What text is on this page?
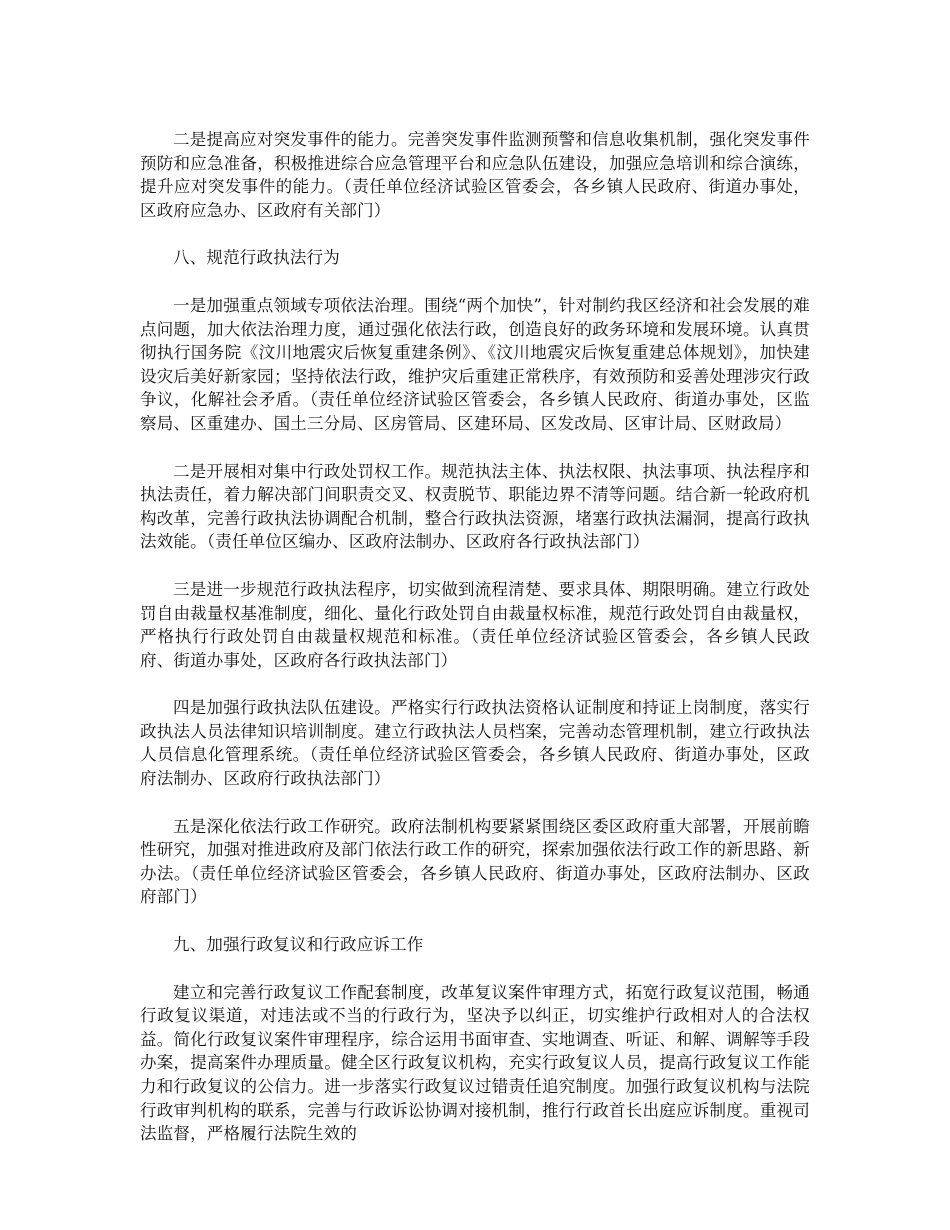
二是提高应对突发事件的能力。完善突发事件监测预警和信息收集机制，强化突发事件预防和应急准备，积极推进综合应急管理平台和应急队伍建设，加强应急培训和综合演练，提升应对突发事件的能力。（责任单位经济试验区管委会，各乡镇人民政府、街道办事处，区政府应急办、区政府有关部门）

八、规范行政执法行为

一是加强重点领域专项依法治理。围绕“两个加快”，针对制约我区经济和社会发展的难点问题，加大依法治理力度，通过强化依法行政，创造良好的政务环境和发展环境。认真贯彻执行国务院《汶川地震灾后恢复重建条例》、《汶川地震灾后恢复重建总体规划》，加快建设灾后美好新家园；坚持依法行政，维护灾后重建正常秩序，有效预防和妥善处理涉灾行政争议，化解社会矛盾。（责任单位经济试验区管委会，各乡镇人民政府、街道办事处，区监察局、区重建办、国土三分局、区房管局、区建环局、区发改局、区审计局、区财政局）

二是开展相对集中行政处罚权工作。规范执法主体、执法权限、执法事项、执法程序和执法责任，着力解决部门间职责交叉、权责脱节、职能边界不清等问题。结合新一轮政府机构改革，完善行政执法协调配合机制，整合行政执法资源，堵塞行政执法漏洞，提高行政执法效能。（责任单位区编办、区政府法制办、区政府各行政执法部门）

三是进一步规范行政执法程序，切实做到流程清楚、要求具体、期限明确。建立行政处罚自由裁量权基准制度，细化、量化行政处罚自由裁量权标准，规范行政处罚自由裁量权，严格执行行政处罚自由裁量权规范和标准。（责任单位经济试验区管委会，各乡镇人民政府、街道办事处，区政府各行政执法部门）

四是加强行政执法队伍建设。严格实行行政执法资格认证制度和持证上岗制度，落实行政执法人员法律知识培训制度。建立行政执法人员档案，完善动态管理机制，建立行政执法人员信息化管理系统。（责任单位经济试验区管委会，各乡镇人民政府、街道办事处，区政府法制办、区政府行政执法部门）

五是深化依法行政工作研究。政府法制机构要紧紧围绕区委区政府重大部署，开展前瞻性研究，加强对推进政府及部门依法行政工作的研究，探索加强依法行政工作的新思路、新办法。（责任单位经济试验区管委会，各乡镇人民政府、街道办事处，区政府法制办、区政府部门）

九、加强行政复议和行政应诉工作

建立和完善行政复议工作配套制度，改革复议案件审理方式，拓宽行政复议范围，畅通行政复议渠道，对违法或不当的行政行为，坚决予以纠正，切实维护行政相对人的合法权益。简化行政复议案件审理程序，综合运用书面审查、实地调查、听证、和解、调解等手段办案，提高案件办理质量。健全区行政复议机构，充实行政复议人员，提高行政复议工作能力和行政复议的公信力。进一步落实行政复议过错责任追究制度。加强行政复议机构与法院行政审判机构的联系，完善与行政诉讼协调对接机制，推行行政首长出庭应诉制度。重视司法监督，严格履行法院生效的
